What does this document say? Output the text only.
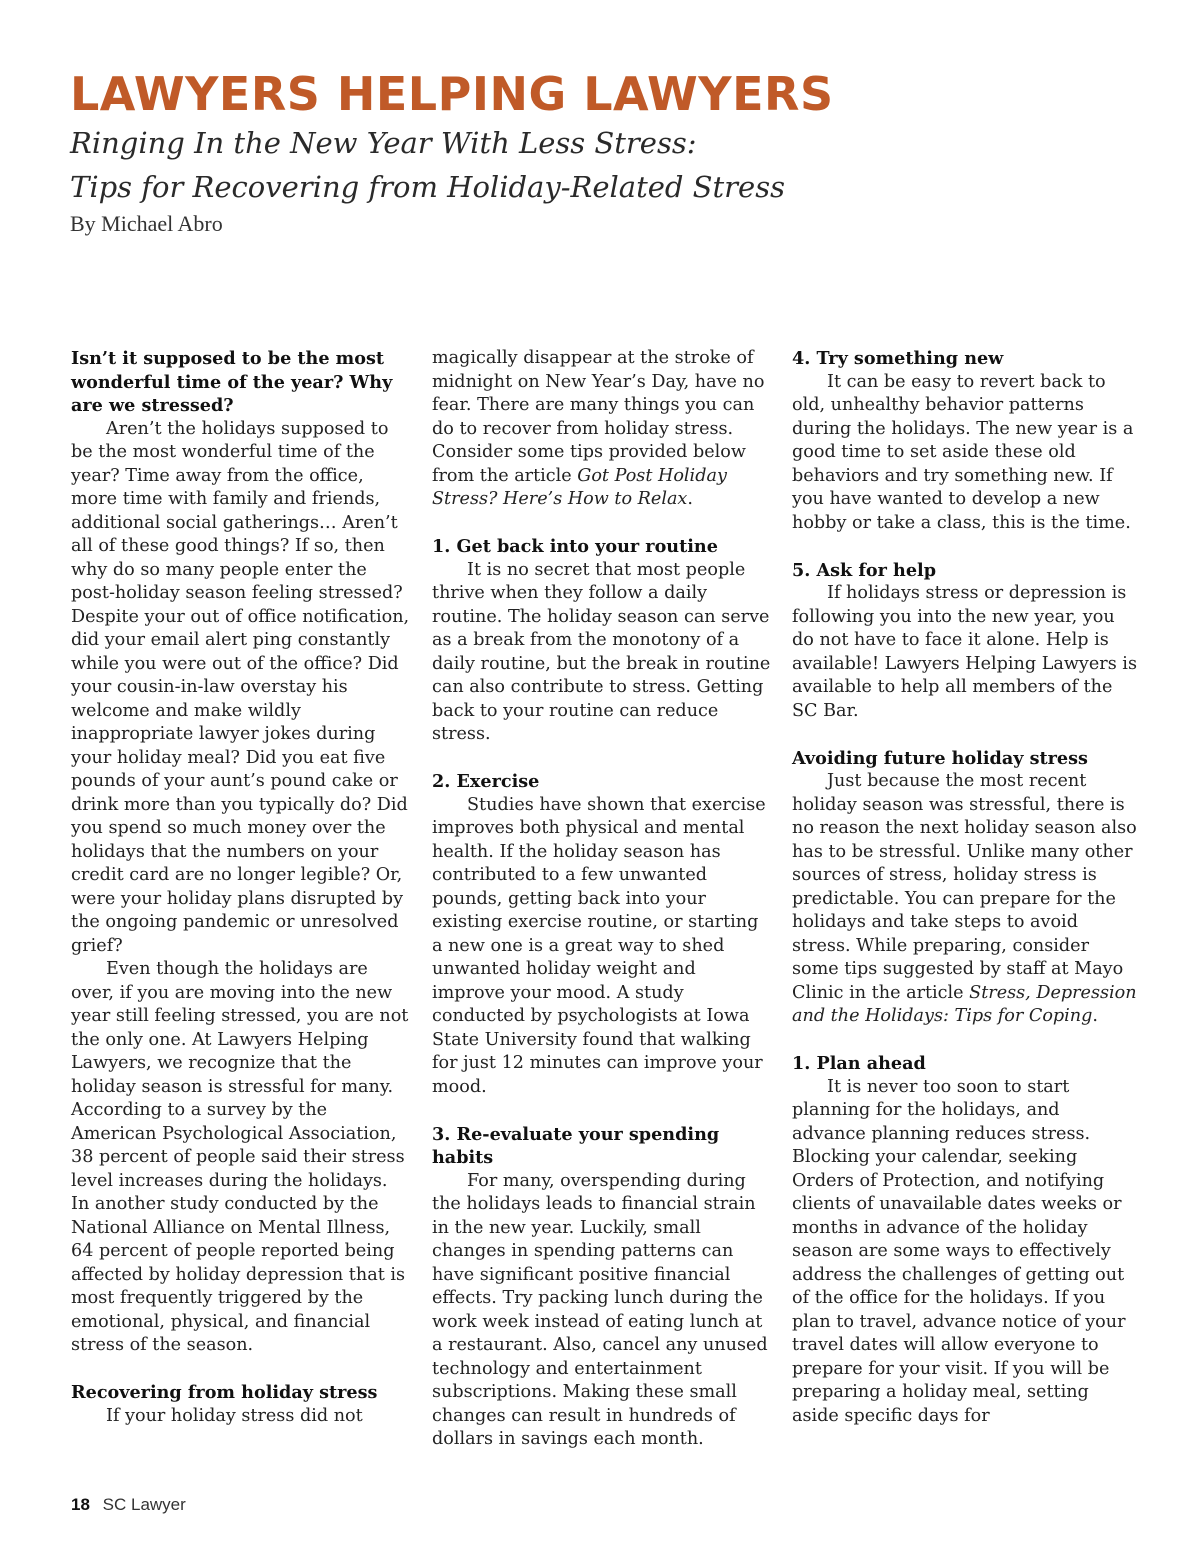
LAWYERS HELPING LAWYERS
Ringing In the New Year With Less Stress:
Tips for Recovering from Holiday-Related Stress

By Michael Abro

Isn’t it supposed to be the most wonderful time of the year? Why are we stressed?

Aren’t the holidays supposed to be the most wonderful time of the year? Time away from the office, more time with family and friends, additional social gatherings… Aren’t all of these good things? If so, then why do so many people enter the post-holiday season feeling stressed? Despite your out of office notification, did your email alert ping constantly while you were out of the office? Did your cousin-in-law overstay his welcome and make wildly inappropriate lawyer jokes during your holiday meal? Did you eat five pounds of your aunt’s pound cake or drink more than you typically do? Did you spend so much money over the holidays that the numbers on your credit card are no longer legible? Or, were your holiday plans disrupted by the ongoing pandemic or unresolved grief?

Even though the holidays are over, if you are moving into the new year still feeling stressed, you are not the only one. At Lawyers Helping Lawyers, we recognize that the holiday season is stressful for many. According to a survey by the American Psychological Association, 38 percent of people said their stress level increases during the holidays. In another study conducted by the National Alliance on Mental Illness, 64 percent of people reported being affected by holiday depression that is most frequently triggered by the emotional, physical, and financial stress of the season.

Recovering from holiday stress

If your holiday stress did not

magically disappear at the stroke of midnight on New Year’s Day, have no fear. There are many things you can do to recover from holiday stress. Consider some tips provided below from the article Got Post Holiday Stress? Here’s How to Relax.

1. Get back into your routine

It is no secret that most people thrive when they follow a daily routine. The holiday season can serve as a break from the monotony of a daily routine, but the break in routine can also contribute to stress. Getting back to your routine can reduce stress.

2. Exercise

Studies have shown that exercise improves both physical and mental health. If the holiday season has contributed to a few unwanted pounds, getting back into your existing exercise routine, or starting a new one is a great way to shed unwanted holiday weight and improve your mood. A study conducted by psychologists at Iowa State University found that walking for just 12 minutes can improve your mood.

3. Re-evaluate your spending habits

For many, overspending during the holidays leads to financial strain in the new year. Luckily, small changes in spending patterns can have significant positive financial effects. Try packing lunch during the work week instead of eating lunch at a restaurant. Also, cancel any unused technology and entertainment subscriptions. Making these small changes can result in hundreds of dollars in savings each month.

4. Try something new

It can be easy to revert back to old, unhealthy behavior patterns during the holidays. The new year is a good time to set aside these old behaviors and try something new. If you have wanted to develop a new hobby or take a class, this is the time.

5. Ask for help

If holidays stress or depression is following you into the new year, you do not have to face it alone. Help is available! Lawyers Helping Lawyers is available to help all members of the SC Bar.

Avoiding future holiday stress

Just because the most recent holiday season was stressful, there is no reason the next holiday season also has to be stressful. Unlike many other sources of stress, holiday stress is predictable. You can prepare for the holidays and take steps to avoid stress. While preparing, consider some tips suggested by staff at Mayo Clinic in the article Stress, Depression and the Holidays: Tips for Coping.

1. Plan ahead

It is never too soon to start planning for the holidays, and advance planning reduces stress. Blocking your calendar, seeking Orders of Protection, and notifying clients of unavailable dates weeks or months in advance of the holiday season are some ways to effectively address the challenges of getting out of the office for the holidays. If you plan to travel, advance notice of your travel dates will allow everyone to prepare for your visit. If you will be preparing a holiday meal, setting aside specific days for

18 SC Lawyer
